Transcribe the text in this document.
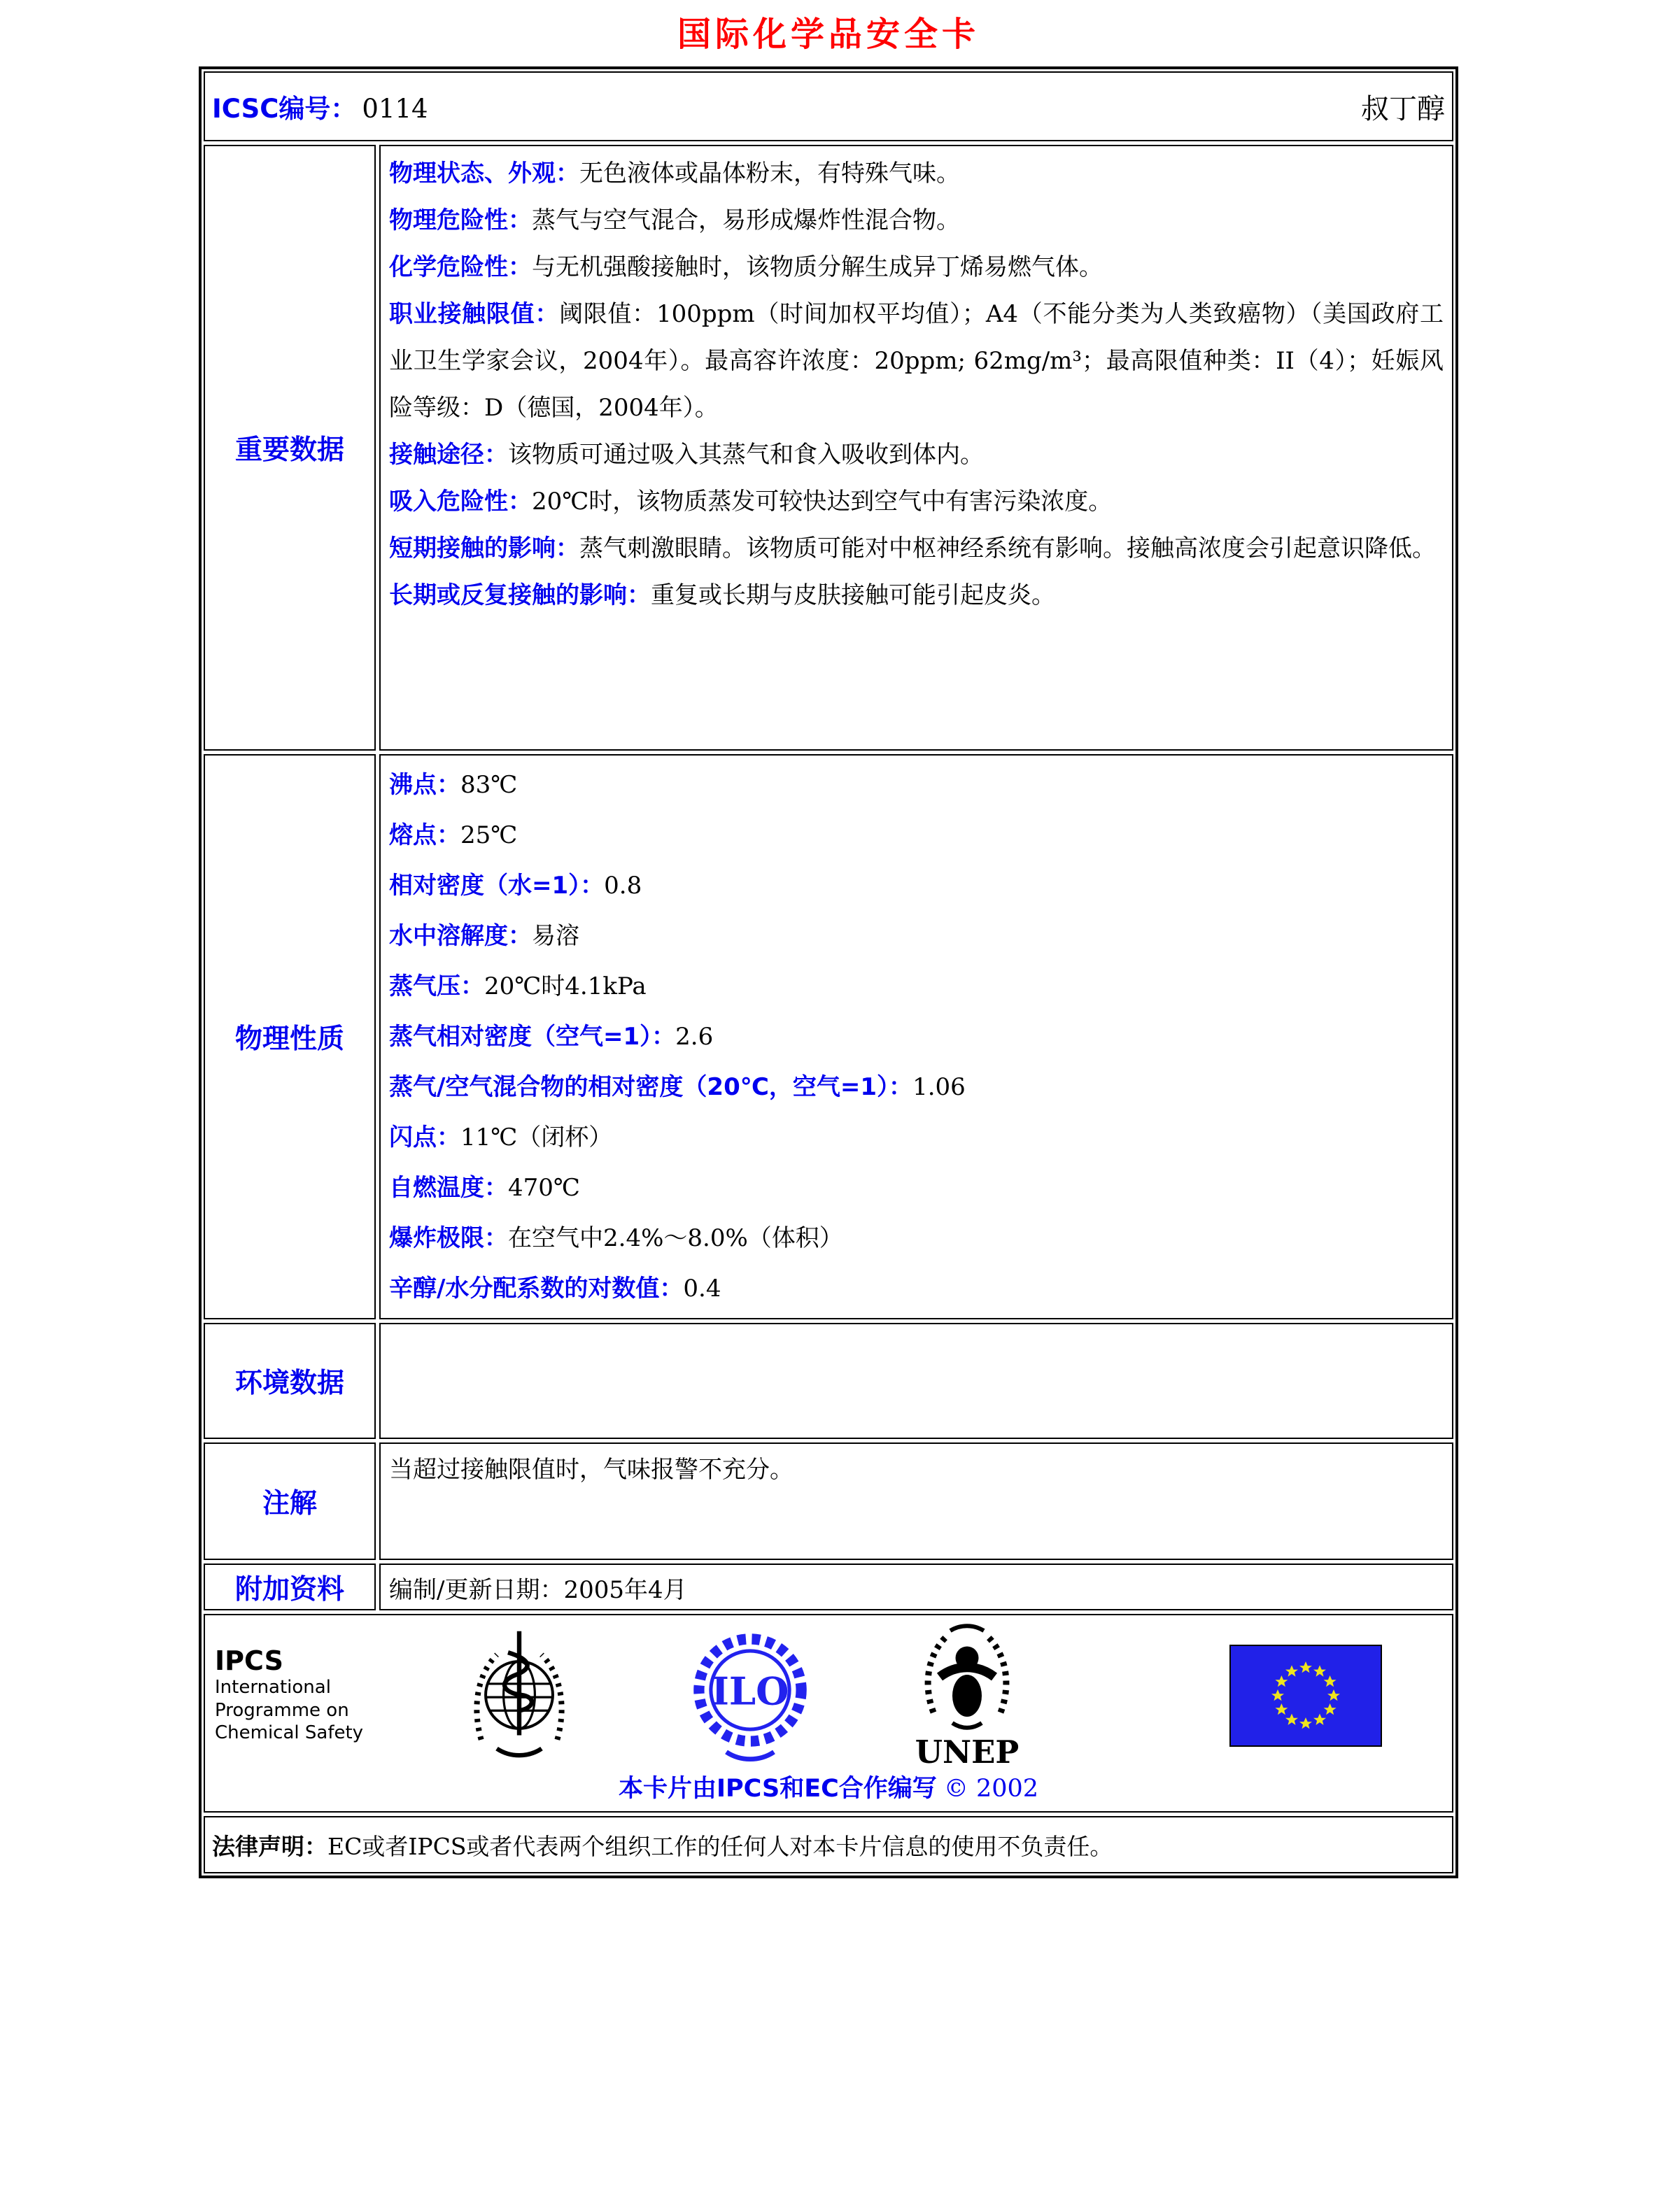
国际化学品安全卡
ICSC编号： 0114	叔丁醇
重要数据
物理状态、外观：无色液体或晶体粉末，有特殊气味。
物理危险性：蒸气与空气混合，易形成爆炸性混合物。
化学危险性：与无机强酸接触时，该物质分解生成异丁烯易燃气体。
职业接触限值：阈限值：100ppm（时间加权平均值）；A4（不能分类为人类致癌物）（美国政府工业卫生学家会议，2004年）。最高容许浓度：20ppm; 62mg/m³；最高限值种类：II（4）；妊娠风险等级：D（德国，2004年）。
接触途径：该物质可通过吸入其蒸气和食入吸收到体内。
吸入危险性：20℃时，该物质蒸发可较快达到空气中有害污染浓度。
短期接触的影响：蒸气刺激眼睛。该物质可能对中枢神经系统有影响。接触高浓度会引起意识降低。
长期或反复接触的影响：重复或长期与皮肤接触可能引起皮炎。
物理性质
沸点：83℃
熔点：25℃
相对密度（水=1）：0.8
水中溶解度：易溶
蒸气压：20℃时4.1kPa
蒸气相对密度（空气=1）：2.6
蒸气/空气混合物的相对密度（20℃，空气=1）：1.06
闪点：11℃（闭杯）
自燃温度：470℃
爆炸极限：在空气中2.4%～8.0%（体积）
辛醇/水分配系数的对数值：0.4
环境数据
注解
当超过接触限值时，气味报警不充分。
附加资料	编制/更新日期：2005年4月
IPCS
International
Programme on
Chemical Safety
ILO
UNEP
本卡片由IPCS和EC合作编写 © 2002
法律声明： EC或者IPCS或者代表两个组织工作的任何人对本卡片信息的使用不负责任。
